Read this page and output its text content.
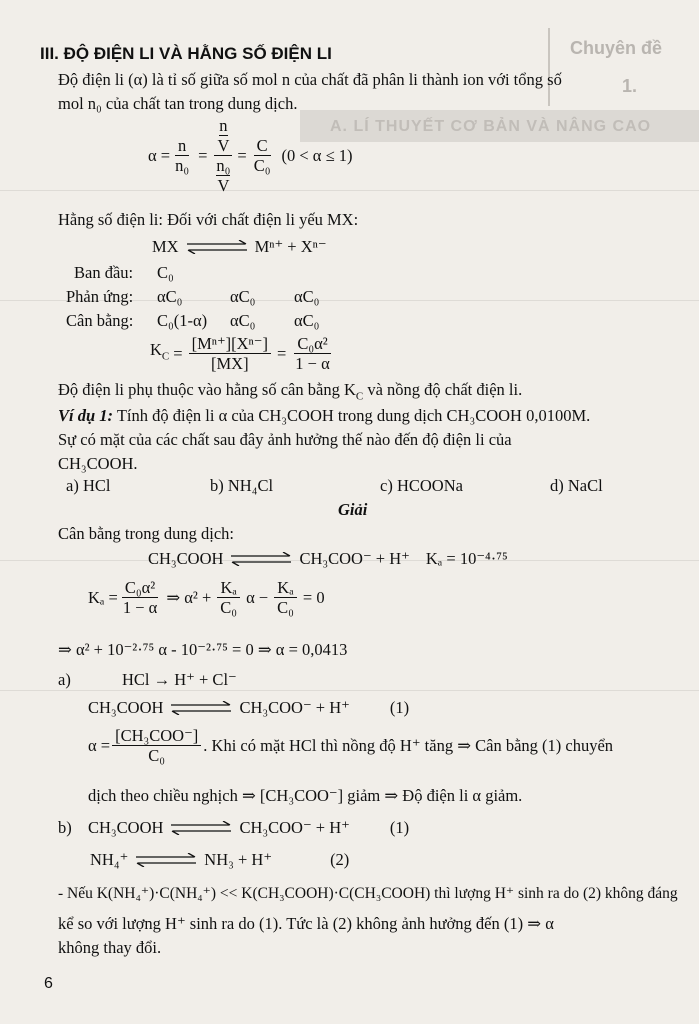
Chuyên đề
1.
A. LÍ THUYẾT CƠ BẢN VÀ NÂNG CAO
III. ĐỘ ĐIỆN LI VÀ HẰNG SỐ ĐIỆN LI
Độ điện li (α) là tỉ số giữa số mol n của chất đã phân li thành ion với tổng số
mol n₀ của chất tan trong dung dịch.
$\alpha = \frac{n}{\text{n₀}} = \frac{\frac{n}{V}}{\frac{\text{n₀}}{V}} = \frac{C}{\text{C₀}} (0 < \alpha \le 1)$
Hằng số điện li: Đối với chất điện li yếu MX:
MX ⇌ Mⁿ⁺ + Xⁿ⁻
Ban đầu: C₀
Phản ứng: αC₀	αC₀ αC₀
Cân bằng: C₀(1-α) αC₀ αC₀
$K_C = \frac{\text{[Mⁿ⁺][Xⁿ⁻]}}{[MX]} = \frac{\text{C₀α²}}{1 - \alpha}$
Độ điện li phụ thuộc vào hằng số cân bằng $K_C$ và nồng độ chất điện li.
Ví dụ 1: Tính độ điện li α của CH₃COOH trong dung dịch CH₃COOH 0,0100M.
Sự có mặt của các chất sau đây ảnh hưởng thế nào đến độ điện li của
CH₃COOH.
a) HCl	b) NH₄Cl	c) HCOONa	d) NaCl
Giải
Cân bằng trong dung dịch:
CH₃COOH ⇌ CH₃COO⁻ + H⁺ Kₐ = 10⁻⁴·⁷⁵
$K_a = \frac{\text{C₀α²}}{1 - \alpha}$ ⇒ $\alpha^2 + \frac{\text{Kₐ}}{\text{C₀}}$ $\alpha - \frac{\text{Kₐ}}{\text{C₀}} = 0$
⇒ α² + 10⁻²·⁷⁵ α - 10⁻²·⁷⁵ = 0 ⇒ α = 0,0413
a)	HCl → H⁺ + Cl⁻
CH₃COOH ⇌ CH₃COO⁻ + H⁺ (1)
$\alpha = \frac{\text{[CH₃COO⁻]}}{\text{C₀}}$ . Khi có mặt HCl thì nồng độ H⁺ tăng ⇒ Cân bằng (1) chuyển
dịch theo chiều nghịch ⇒ [CH₃COO⁻] giảm ⇒ Độ điện li α giảm.
b) CH₃COOH ⇌ CH₃COO⁻ + H⁺ (1)
NH₄⁺ ⇌ NH₃ + H⁺	(2)
- Nếu K(NH₄⁺)·C(NH₄⁺) << K(CH₃COOH)·C(CH₃COOH) thì lượng H⁺ sinh ra do (2) không đáng
kể so với lượng H⁺ sinh ra do (1). Tức là (2) không ảnh hưởng đến (1) ⇒ α
không thay đổi.
6
